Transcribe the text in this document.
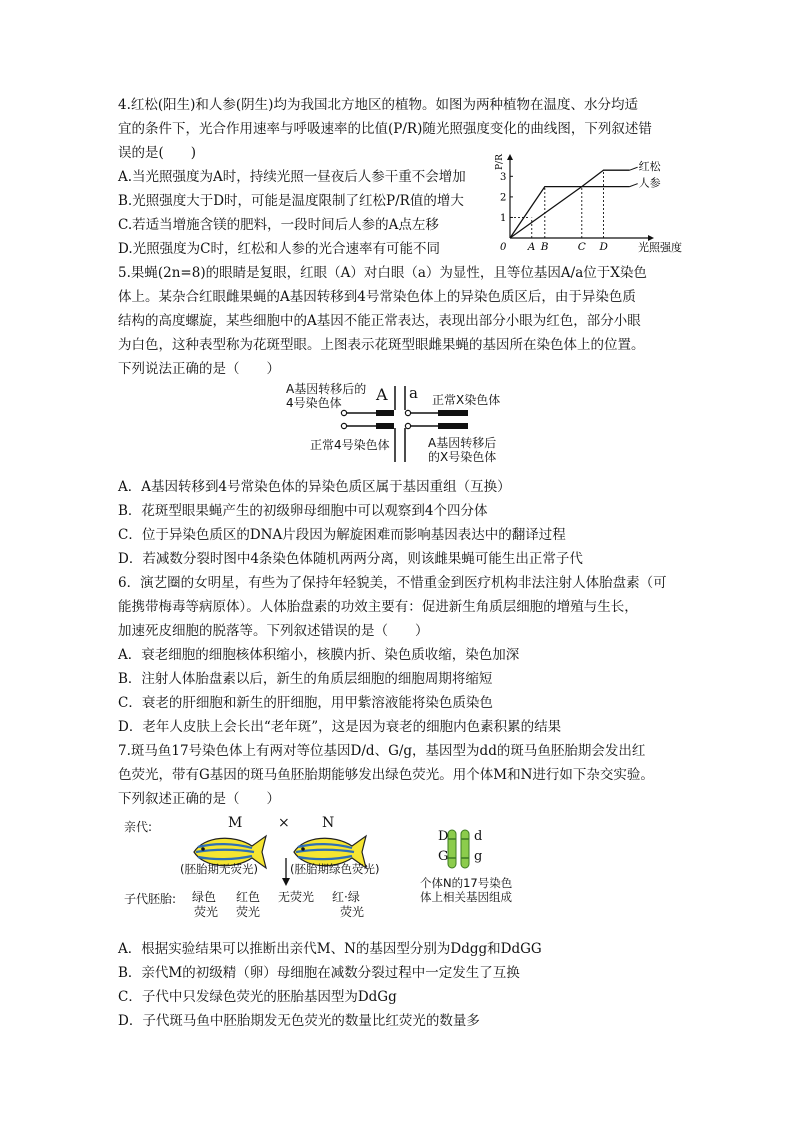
4.红松(阳生)和人参(阴生)均为我国北方地区的植物。如图为两种植物在温度、水分均适
宜的条件下，光合作用速率与呼吸速率的比值(P/R)随光照强度变化的曲线图，下列叙述错
误的是(　　)
A.当光照强度为A时，持续光照一昼夜后人参干重不会增加
B.光照强度大于D时，可能是温度限制了红松P/R值的增大
C.若适当增施含镁的肥料，一段时间后人参的A点左移
D.光照强度为C时，红松和人参的光合速率有可能不同
P/R
光照强度
0
1
2
3
A B	C D
红松
人参
5.果蝇(2n=8)的眼睛是复眼，红眼（A）对白眼（a）为显性，且等位基因A/a位于X染色
体上。某杂合红眼雌果蝇的A基因转移到4号常染色体上的异染色质区后，由于异染色质
结构的高度螺旋，某些细胞中的A基因不能正常表达，表现出部分小眼为红色，部分小眼
为白色，这种表型称为花斑型眼。上图表示花斑型眼雌果蝇的基因所在染色体上的位置。
下列说法正确的是（　　）
A基因转移后的
4号染色体 A a 正常X染色体
正常4号染色体	A基因转移后
的X号染色体
A．A基因转移到4号常染色体的异染色质区属于基因重组（互换）
B．花斑型眼果蝇产生的初级卵母细胞中可以观察到4个四分体
C．位于异染色质区的DNA片段因为解旋困难而影响基因表达中的翻译过程
D．若减数分裂时图中4条染色体随机两两分离，则该雌果蝇可能生出正常子代
6．演艺圈的女明星，有些为了保持年轻貌美，不惜重金到医疗机构非法注射人体胎盘素（可
能携带梅毒等病原体）。人体胎盘素的功效主要有：促进新生角质层细胞的增殖与生长，
加速死皮细胞的脱落等。下列叙述错误的是（　　）
A．衰老细胞的细胞核体积缩小，核膜内折、染色质收缩，染色加深
B．注射人体胎盘素以后，新生的角质层细胞的细胞周期将缩短
C．衰老的肝细胞和新生的肝细胞，用甲紫溶液能将染色质染色
D．老年人皮肤上会长出“老年斑”，这是因为衰老的细胞内色素积累的结果
7.斑马鱼17号染色体上有两对等位基因D/d、G/g，基因型为dd的斑马鱼胚胎期会发出红
色荧光，带有G基因的斑马鱼胚胎期能够发出绿色荧光。用个体M和N进行如下杂交实验。
下列叙述正确的是（　　）
亲代:	M	× N
(胚胎期无荧光)	(胚胎期绿色荧光)
D d
G g
个体N的17号染色
体上相关基因组成
子代胚胎: 绿色
荧光
红色
荧光
无荧光 红·绿
荧光
A．根据实验结果可以推断出亲代M、N的基因型分别为Ddgg和DdGG
B．亲代M的初级精（卵）母细胞在减数分裂过程中一定发生了互换
C．子代中只发绿色荧光的胚胎基因型为DdGg
D．子代斑马鱼中胚胎期发无色荧光的数量比红荧光的数量多
